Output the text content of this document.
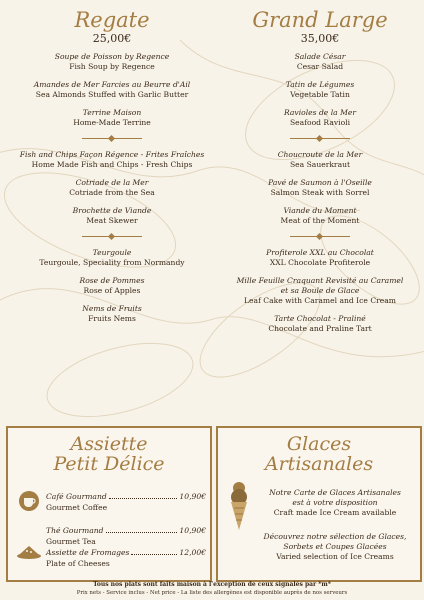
Regate
25,00€
Soupe de Poisson by Regence
Fish Soup by Regence
Amandes de Mer Farcies au Beurre d'Ail
Sea Almonds Stuffed with Garlic Butter
Terrine Maison
Home-Made Terrine
Fish and Chips Façon Régence - Frites Fraîches
Home Made Fish and Chips - Fresh Chips
Cotriade de la Mer
Cotriade from the Sea
Brochette de Viande
Meat Skewer
Teurgoule
Teurgoule, Speciality from Normandy
Rose de Pommes
Rose of Apples
Nems de Fruits
Fruits Nems
Grand Large
35,00€
Salade César
Cesar Salad
Tatin de Légumes
Vegetable Tatin
Ravioles de la Mer
Seafood Ravioli
Choucroute de la Mer
Sea Sauerkraut
Pavé de Saumon à l'Oseille
Salmon Steak with Sorrel
Viande du Moment
Meat of the Moment
Profiterole XXL au Chocolat
XXL Chocolate Profiterole
Mille Feuille Craquant Revisité au Caramel
et sa Boule de Glace
Leaf Cake with Caramel and Ice Cream
Tarte Chocolat - Praliné
Chocolate and Praline Tart
Assiette
Petit Délice
Café Gourmand	10,90€
Gourmet Coffee
Thé Gourmand	10,90€
Gourmet Tea
Assiette de Fromages	12,00€
Plate of Cheeses
Glaces
Artisanales
Notre Carte de Glaces Artisanales
est à votre disposition
Craft made Ice Cream available
Découvrez notre sélection de Glaces,
Sorbets et Coupes Glacées
Varied selection of Ice Creams
Tous nos plats sont faits maison à l'exception de ceux signalés par *m*
Prix nets - Service inclus - Net price - La liste des allergènes est disponible auprès de nos serveurs
